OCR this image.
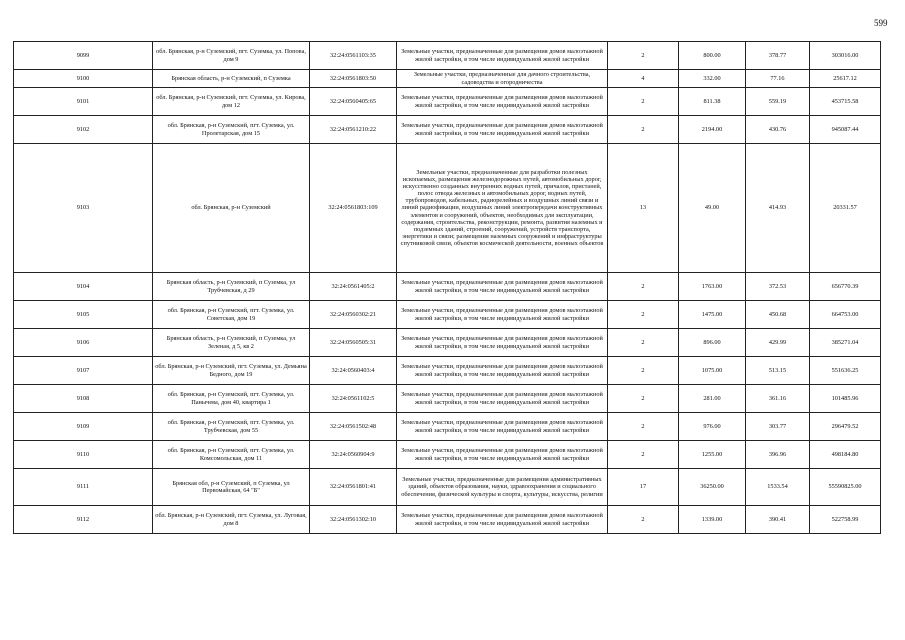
599
9099	обл. Брянская, р-н Суземский, пгт. Суземка, ул. Попова, дом 9	32:24:0561103:35	Земельные участки, предназначенные для размещения домов малоэтажной жилой застройки, в том числе индивидуальной жилой застройки	2	800.00	378.77	303016.00
9100	Брянская область, р-н Суземский, п Суземка	32:24:0561803:50	Земельные участки, предназначенные для дачного строительства, садоводства и огородничества	4	332.00	77.16	25617.12
9101	обл. Брянская, р-н Суземский, пгт. Суземка, ул. Кирова, дом 12	32:24:0560405:65	Земельные участки, предназначенные для размещения домов малоэтажной жилой застройки, в том числе индивидуальной жилой застройки	2	811.38	559.19	453715.58
9102	обл. Брянская, р-н Суземский, пгт. Суземка, ул. Пролетарская, дом 15	32:24:0561210:22	Земельные участки, предназначенные для размещения домов малоэтажной жилой застройки, в том числе индивидуальной жилой застройки	2	2194.00	430.76	945087.44
9103	обл. Брянская, р-н Суземский	32:24:0561803:109	Земельные участки, предназначенные для разработки полезных ископаемых, размещения железнодорожных путей, автомобильных дорог, искусственно созданных внутренних водных путей, причалов, пристаней, полос отвода железных и автомобильных дорог, водных путей, трубопроводов, кабельных, радиорелейных и воздушных линий связи и линий радиофикации, воздушных линий электропередачи конструктивных элементов и сооружений, объектов, необходимых для эксплуатации, содержания, строительства, реконструкции, ремонта, развития наземных и подземных зданий, строений, сооружений, устройств транспорта, энергетики и связи; размещения наземных сооружений и инфраструктуры спутниковой связи, объектов космической деятельности, военных объектов	13	49.00	414.93	20331.57
9104	Брянская область, р-н Суземский, п Суземка, ул Трубчевская, д 29	32:24:0561405:2	Земельные участки, предназначенные для размещения домов малоэтажной жилой застройки, в том числе индивидуальной жилой застройки	2	1763.00	372.53	656770.39
9105	обл. Брянская, р-н Суземский, пгт. Суземка, ул. Советская, дом 19	32:24:0560302:21	Земельные участки, предназначенные для размещения домов малоэтажной жилой застройки, в том числе индивидуальной жилой застройки	2	1475.00	450.68	664753.00
9106	Брянская область, р-н Суземский, п Суземка, ул Зеленая, д 5, кв 2	32:24:0560505:31	Земельные участки, предназначенные для размещения домов малоэтажной жилой застройки, в том числе индивидуальной жилой застройки	2	896.00	429.99	385271.04
9107	обл. Брянская, р-н Суземский, пгт. Суземка, ул. Демьяна Бедного, дом 19	32:24:0560403:4	Земельные участки, предназначенные для размещения домов малоэтажной жилой застройки, в том числе индивидуальной жилой застройки	2	1075.00	513.15	551636.25
9108	обл. Брянская, р-н Суземский, пгт. Суземка, ул. Панычева, дом 40, квартира 1	32:24:0561102:5	Земельные участки, предназначенные для размещения домов малоэтажной жилой застройки, в том числе индивидуальной жилой застройки	2	281.00	361.16	101485.96
9109	обл. Брянская, р-н Суземский, пгт. Суземка, ул. Трубчевская, дом 55	32:24:0561502:48	Земельные участки, предназначенные для размещения домов малоэтажной жилой застройки, в том числе индивидуальной жилой застройки	2	976.00	303.77	296479.52
9110	обл. Брянская, р-н Суземский, пгт. Суземка, ул. Комсомольская, дом 11	32:24:0560904:9	Земельные участки, предназначенные для размещения домов малоэтажной жилой застройки, в том числе индивидуальной жилой застройки	2	1255.00	396.96	498184.80
9111	Брянская обл, р-н Суземский, п Суземка, ул Первомайская, 64 "Б"	32:24:0561801:41	Земельные участки, предназначенные для размещения административных зданий, объектов образования, науки, здравоохранения и социального обеспечения, физической культуры и спорта, культуры, искусства, религии	17	36250.00	1533.54	55590825.00
9112	обл. Брянская, р-н Суземский, пгт. Суземка, ул. Луговая, дом 8	32:24:0561302:10	Земельные участки, предназначенные для размещения домов малоэтажной жилой застройки, в том числе индивидуальной жилой застройки	2	1339.00	390.41	522758.99
